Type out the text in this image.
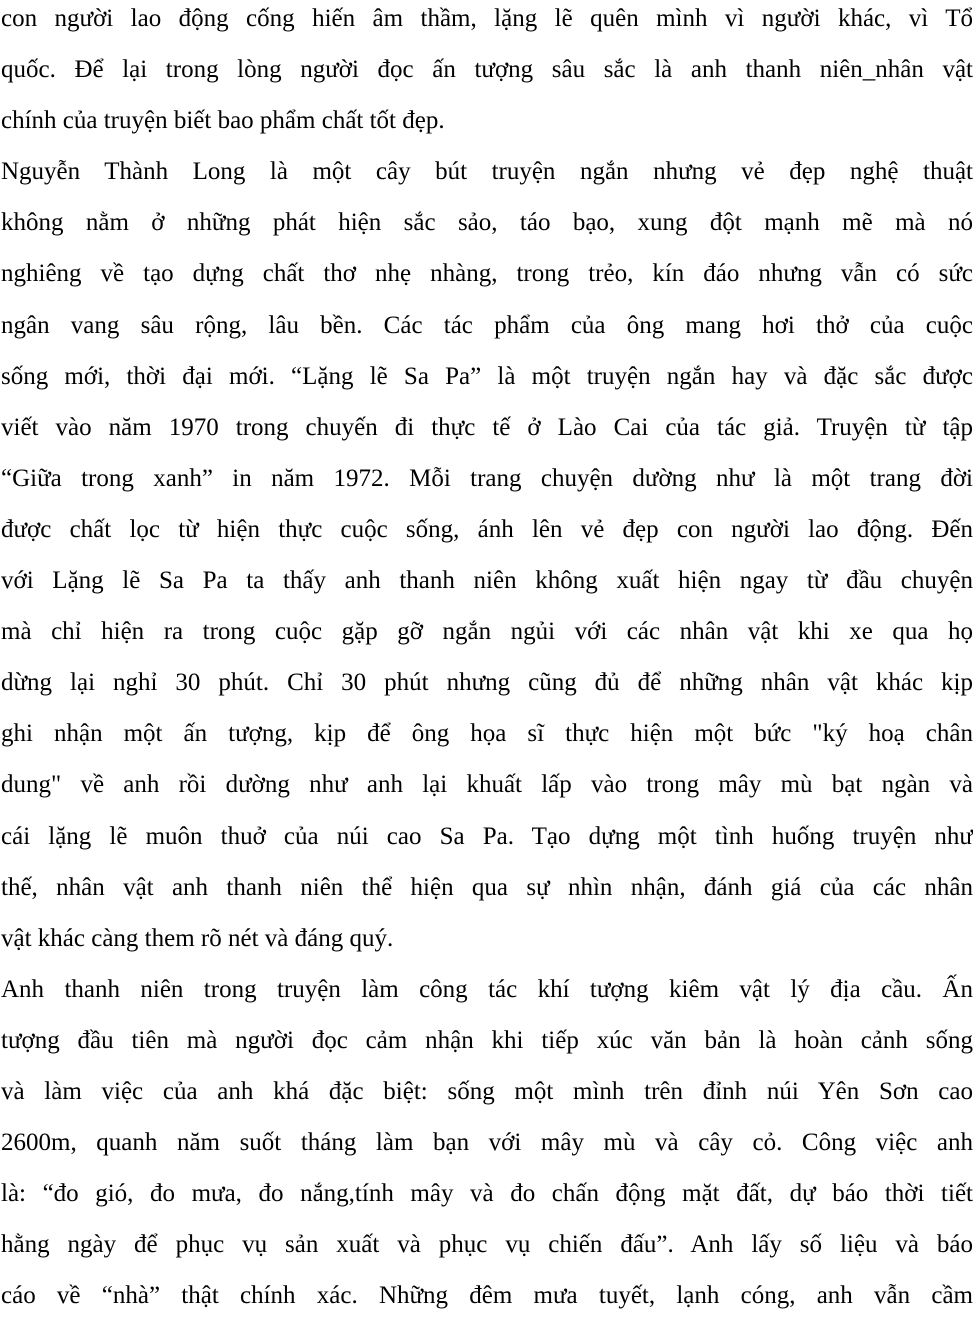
con người lao động cống hiến âm thầm, lặng lẽ quên mình vì người khác, vì Tổ
quốc. Để lại trong lòng người đọc ấn tượng sâu sắc là anh thanh niên_nhân vật
chính của truyện biết bao phẩm chất tốt đẹp.
Nguyễn Thành Long là một cây bút truyện ngắn nhưng vẻ đẹp nghệ thuật
không nằm ở những phát hiện sắc sảo, táo bạo, xung đột mạnh mẽ mà nó
nghiêng về tạo dựng chất thơ nhẹ nhàng, trong trẻo, kín đáo nhưng vẫn có sức
ngân vang sâu rộng, lâu bền. Các tác phẩm của ông mang hơi thở của cuộc
sống mới, thời đại mới. “Lặng lẽ Sa Pa” là một truyện ngắn hay và đặc sắc được
viết vào năm 1970 trong chuyến đi thực tế ở Lào Cai của tác giả. Truyện từ tập
“Giữa trong xanh” in năm 1972. Mỗi trang chuyện dường như là một trang đời
được chất lọc từ hiện thực cuộc sống, ánh lên vẻ đẹp con người lao động. Đến
với Lặng lẽ Sa Pa ta thấy anh thanh niên không xuất hiện ngay từ đầu chuyện
mà chỉ hiện ra trong cuộc gặp gỡ ngắn ngủi với các nhân vật khi xe qua họ
dừng lại nghỉ 30 phút. Chỉ 30 phút nhưng cũng đủ để những nhân vật khác kịp
ghi nhận một ấn tượng, kịp để ông họa sĩ thực hiện một bức "ký hoạ chân
dung" về anh rồi dường như anh lại khuất lấp vào trong mây mù bạt ngàn và
cái lặng lẽ muôn thuở của núi cao Sa Pa. Tạo dựng một tình huống truyện như
thế, nhân vật anh thanh niên thể hiện qua sự nhìn nhận, đánh giá của các nhân
vật khác càng them rõ nét và đáng quý.
Anh thanh niên trong truyện làm công tác khí tượng kiêm vật lý địa cầu. Ấn
tượng đầu tiên mà người đọc cảm nhận khi tiếp xúc văn bản là hoàn cảnh sống
và làm việc của anh khá đặc biệt: sống một mình trên đỉnh núi Yên Sơn cao
2600m, quanh năm suốt tháng làm bạn với mây mù và cây cỏ. Công việc anh
là: “đo gió, đo mưa, đo nắng,tính mây và đo chấn động mặt đất, dự báo thời tiết
hằng ngày để phục vụ sản xuất và phục vụ chiến đấu”. Anh lấy số liệu và báo
cáo về “nhà” thật chính xác. Những đêm mưa tuyết, lạnh cóng, anh vẫn cầm
